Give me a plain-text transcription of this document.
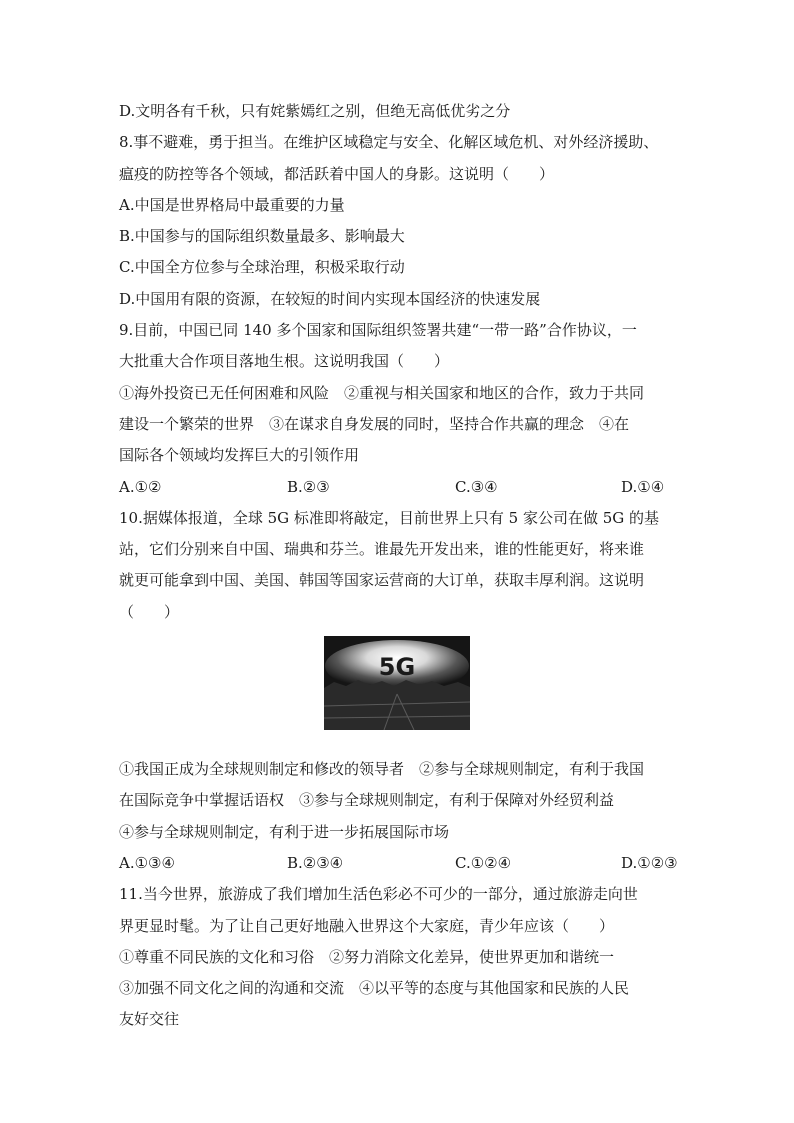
D.文明各有千秋，只有姹紫嫣红之别，但绝无高低优劣之分
8.事不避难，勇于担当。在维护区域稳定与安全、化解区域危机、对外经济援助、
瘟疫的防控等各个领域，都活跃着中国人的身影。这说明（　　）
A.中国是世界格局中最重要的力量
B.中国参与的国际组织数量最多、影响最大
C.中国全方位参与全球治理，积极采取行动
D.中国用有限的资源，在较短的时间内实现本国经济的快速发展
9.目前，中国已同 140 多个国家和国际组织签署共建“一带一路”合作协议，一
大批重大合作项目落地生根。这说明我国（　　）
①海外投资已无任何困难和风险　②重视与相关国家和地区的合作，致力于共同
建设一个繁荣的世界　③在谋求自身发展的同时，坚持合作共赢的理念　④在
国际各个领域均发挥巨大的引领作用
A.①②	B.②③	C.③④	D.①④
10.据媒体报道，全球 5G 标准即将敲定，目前世界上只有 5 家公司在做 5G 的基
站，它们分别来自中国、瑞典和芬兰。谁最先开发出来，谁的性能更好，将来谁
就更可能拿到中国、美国、韩国等国家运营商的大订单，获取丰厚利润。这说明
（　　）
5G
①我国正成为全球规则制定和修改的领导者　②参与全球规则制定，有利于我国
在国际竞争中掌握话语权　③参与全球规则制定，有利于保障对外经贸利益
④参与全球规则制定，有利于进一步拓展国际市场
A.①③④	B.②③④	C.①②④	D.①②③
11.当今世界，旅游成了我们增加生活色彩必不可少的一部分，通过旅游走向世
界更显时髦。为了让自己更好地融入世界这个大家庭，青少年应该（　　）
①尊重不同民族的文化和习俗　②努力消除文化差异，使世界更加和谐统一
③加强不同文化之间的沟通和交流　④以平等的态度与其他国家和民族的人民
友好交往
